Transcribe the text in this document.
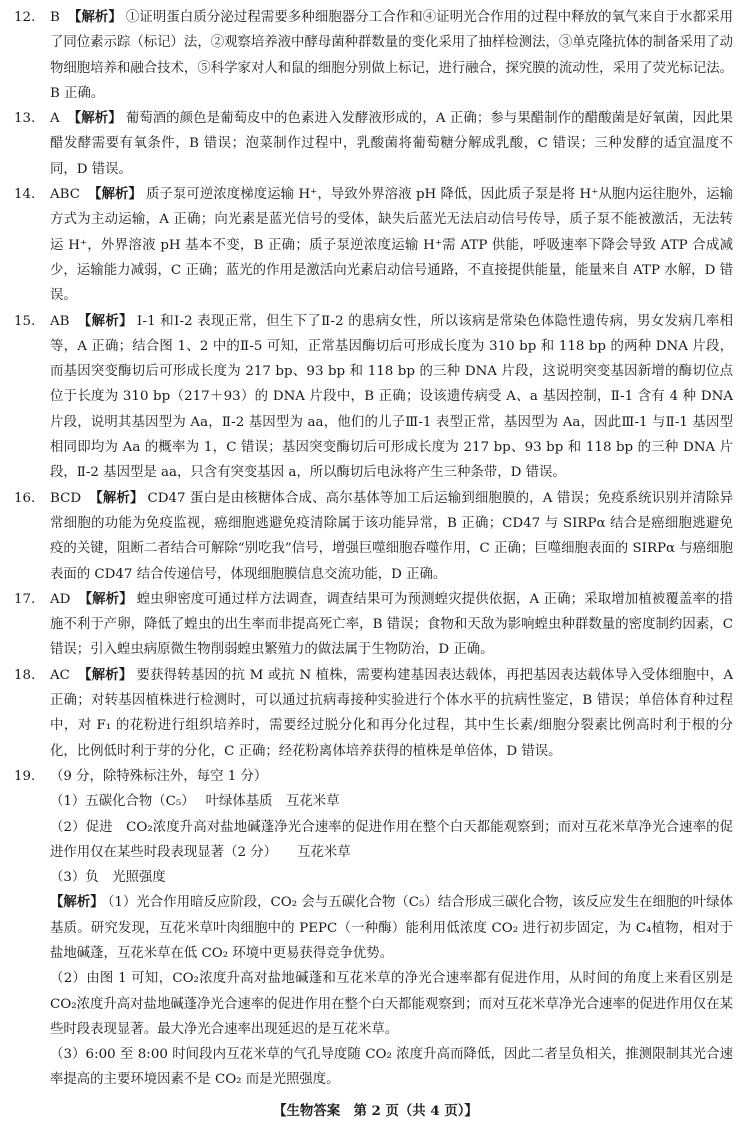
12. B 【解析】 ①证明蛋白质分泌过程需要多种细胞器分工合作和④证明光合作用的过程中释放的氧气来自于水都采用了同位素示踪（标记）法，②观察培养液中酵母菌种群数量的变化采用了抽样检测法，③单克隆抗体的制备采用了动物细胞培养和融合技术，⑤科学家对人和鼠的细胞分别做上标记，进行融合，探究膜的流动性，采用了荧光标记法。B 正确。
13. A 【解析】 葡萄酒的颜色是葡萄皮中的色素进入发酵液形成的，A 正确；参与果醋制作的醋酸菌是好氧菌，因此果醋发酵需要有氧条件，B 错误；泡菜制作过程中，乳酸菌将葡萄糖分解成乳酸，C 错误；三种发酵的适宜温度不同，D 错误。
14. ABC 【解析】 质子泵可逆浓度梯度运输 H⁺，导致外界溶液 pH 降低，因此质子泵是将 H⁺从胞内运往胞外，运输方式为主动运输，A 正确；向光素是蓝光信号的受体，缺失后蓝光无法启动信号传导，质子泵不能被激活，无法转运 H⁺，外界溶液 pH 基本不变，B 正确；质子泵逆浓度运输 H⁺需 ATP 供能，呼吸速率下降会导致 ATP 合成减少，运输能力减弱，C 正确；蓝光的作用是激活向光素启动信号通路，不直接提供能量，能量来自 ATP 水解，D 错误。
15. AB 【解析】 Ⅰ-1 和Ⅰ-2 表现正常，但生下了Ⅱ-2 的患病女性，所以该病是常染色体隐性遗传病，男女发病几率相等，A 正确；结合图 1、2 中的Ⅱ-5 可知，正常基因酶切后可形成长度为 310 bp 和 118 bp 的两种 DNA 片段，而基因突变酶切后可形成长度为 217 bp、93 bp 和 118 bp 的三种 DNA 片段，这说明突变基因新增的酶切位点位于长度为 310 bp（217＋93）的 DNA 片段中，B 正确；设该遗传病受 A、a 基因控制，Ⅱ-1 含有 4 种 DNA 片段，说明其基因型为 Aa，Ⅱ-2 基因型为 aa，他们的儿子Ⅲ-1 表型正常，基因型为 Aa，因此Ⅲ-1 与Ⅱ-1 基因型相同即均为 Aa 的概率为 1，C 错误；基因突变酶切后可形成长度为 217 bp、93 bp 和 118 bp 的三种 DNA 片段，Ⅱ-2 基因型是 aa，只含有突变基因 a，所以酶切后电泳将产生三种条带，D 错误。
16. BCD 【解析】 CD47 蛋白是由核糖体合成、高尔基体等加工后运输到细胞膜的，A 错误；免疫系统识别并清除异常细胞的功能为免疫监视，癌细胞逃避免疫清除属于该功能异常，B 正确；CD47 与 SIRPα 结合是癌细胞逃避免疫的关键，阻断二者结合可解除“别吃我”信号，增强巨噬细胞吞噬作用，C 正确；巨噬细胞表面的 SIRPα 与癌细胞表面的 CD47 结合传递信号，体现细胞膜信息交流功能，D 正确。
17. AD 【解析】 蝗虫卵密度可通过样方法调查，调查结果可为预测蝗灾提供依据，A 正确；采取增加植被覆盖率的措施不利于产卵，降低了蝗虫的出生率而非提高死亡率，B 错误；食物和天敌为影响蝗虫种群数量的密度制约因素，C 错误；引入蝗虫病原微生物削弱蝗虫繁殖力的做法属于生物防治，D 正确。
18. AC 【解析】 要获得转基因的抗 M 或抗 N 植株，需要构建基因表达载体，再把基因表达载体导入受体细胞中，A 正确；对转基因植株进行检测时，可以通过抗病毒接种实验进行个体水平的抗病性鉴定，B 错误；单倍体育种过程中，对 F₁ 的花粉进行组织培养时，需要经过脱分化和再分化过程，其中生长素/细胞分裂素比例高时利于根的分化，比例低时利于芽的分化，C 正确；经花粉离体培养获得的植株是单倍体，D 错误。
19. （9 分，除特殊标注外，每空 1 分）
（1）五碳化合物（C₅）　 叶绿体基质　互花米草
（2）促进　CO₂浓度升高对盐地碱蓬净光合速率的促进作用在整个白天都能观察到；而对互花米草净光合速率的促进作用仅在某些时段表现显著（2 分）　　互花米草
（3）负　光照强度
【解析】 （1）光合作用暗反应阶段，CO₂ 会与五碳化合物（C₅）结合形成三碳化合物，该反应发生在细胞的叶绿体基质。研究发现，互花米草叶肉细胞中的 PEPC（一种酶）能利用低浓度 CO₂ 进行初步固定，为 C₄植物，相对于盐地碱蓬，互花米草在低 CO₂ 环境中更易获得竞争优势。
（2）由图 1 可知，CO₂浓度升高对盐地碱蓬和互花米草的净光合速率都有促进作用，从时间的角度上来看区别是 CO₂浓度升高对盐地碱蓬净光合速率的促进作用在整个白天都能观察到；而对互花米草净光合速率的促进作用仅在某些时段表现显著。最大净光合速率出现延迟的是互花米草。
（3）6:00 至 8:00 时间段内互花米草的气孔导度随 CO₂ 浓度升高而降低，因此二者呈负相关，推测限制其光合速率提高的主要环境因素不是 CO₂ 而是光照强度。
【生物答案　第 2 页（共 4 页）】
